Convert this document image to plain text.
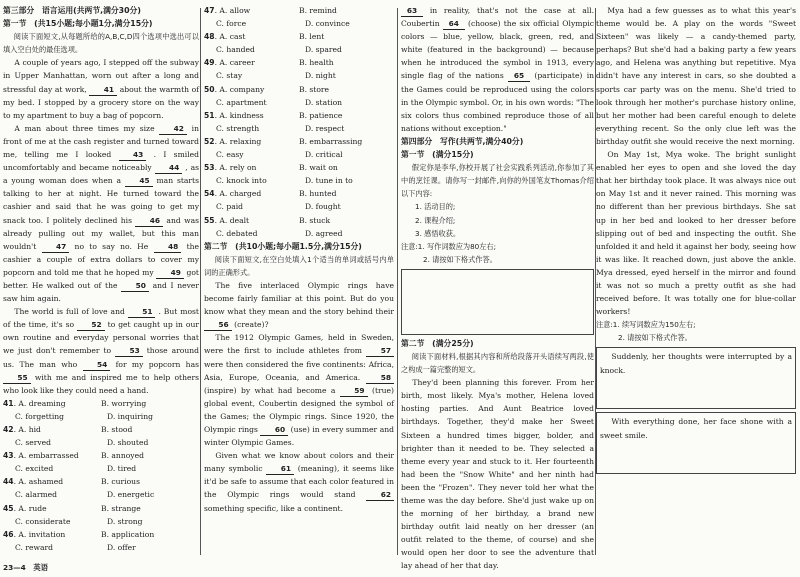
第三部分　语言运用(共两节,满分30分)
第一节　(共15小题;每小题1分,满分15分)

阅读下面短文,从每题所给的A,B,C,D四个选项中选出可以填入空白处的最佳选项。

A couple of years ago, I stepped off the subway in Upper Manhattan, worn out after a long and stressful day at work, 41 about the warmth of my bed. I stopped by a grocery store on the way to my apartment to buy a bag of popcorn.

A man about three times my size	42 in front of me at the cash register and turned toward me, telling me I looked	43 . I smiled uncomfortably and became noticeably 44 , as a young woman does when a 45 man starts talking to her at night. He turned toward the cashier and said that he was going to get my snack too. I politely declined his 46 and was already pulling out my wallet, but this man wouldn't	47 no to say no. He	48 the cashier a couple of extra dollars to cover my popcorn and told me that he hoped my 49 got better. He walked out of the 50 and I never saw him again.

The world is full of love and 51 . But most of the time, it's so 52 to get caught up in our own routine and everyday personal worries that we just don't remember to 53 those around us. The man who	54 for my popcorn has 55 with me and inspired me to help others who look like they could need a hand.

41. A. dreaming	B. worrying
C. forgetting	D. inquiring
42. A. hid	B. stood
C. served	D. shouted
43. A. embarrassed	B. annoyed
C. excited	D. tired
44. A. ashamed	B. curious
C. alarmed	D. energetic
45. A. rude	B. strange
C. considerate	D. strong
46. A. invitation	B. application
C. reward	D. offer
47. A. allow	B. remind
C. force	D. convince
48. A. cast	B. lent
C. handed	D. spared
49. A. career	B. health
C. stay	D. night
50. A. company	B. store
C. apartment	D. station
51. A. kindness	B. patience
C. strength	D. respect
52. A. relaxing	B. embarrassing
C. easy	D. critical
53. A. rely on	B. wait on
C. knock into	D. tune in to
54. A. charged	B. hunted
C. paid	D. fought
55. A. dealt	B. stuck
C. debated	D. agreed
第二节　(共10小题;每小题1.5分,满分15分)

阅读下面短文,在空白处填入1个适当的单词或括号内单词的正确形式。

The five interlaced Olympic rings have become fairly familiar at this point. But do you know what they mean and the story behind their 56 (create)?

The 1912 Olympic Games, held in Sweden, were the first to include athletes from	57 were then considered the five continents: Africa, Asia, Europe, Oceania, and America.	58 (inspire) by what had become a	59 (true) global event, Coubertin designed the symbol of the Games; the Olympic rings. Since 1920, the Olympic rings 60 (use) in every summer and winter Olympic Games.

Given what we know about colors and their many symbolic 61 (meaning), it seems like it'd be safe to assume that each color featured in the Olympic rings would stand	62 something specific, like a continent.

63 in reality, that's not the case at all. Coubertin 64 (choose) the six official Olympic colors — blue, yellow, black, green, red, and white (featured in the background) — because when he introduced the symbol in 1913, every single flag of the nations 65 (participate) in the Games could be reproduced using the colors in the Olympic symbol. Or, in his own words: "The six colors thus combined reproduce those of all nations without exception."

第四部分　写作(共两节,满分40分)
第一节　(满分15分)

假定你是李华,你校开展了社会实践系列活动,你参加了其中的烹饪课。请你写一封邮件,向你的外国笔友Thomas介绍以下内容:

1. 活动目的;
2. 课程介绍;
3. 感悟收获。
注意:1. 写作词数应为80左右;
2. 请按如下格式作答。
第二节　(满分25分)

阅读下面材料,根据其内容和所给段落开头语续写两段,使之构成一篇完整的短文。

They'd been planning this forever. From her birth, most likely. Mya's mother, Helena loved hosting parties. And Aunt Beatrice loved birthdays. Together, they'd make her Sweet Sixteen a hundred times bigger, bolder, and brighter than it needed to be. They selected a theme every year and stuck to it. Her fourteenth had been the "Snow White" and her ninth had been the "Frozen". They never told her what the theme was the day before. She'd just wake up on the morning of her birthday, a brand new birthday outfit laid neatly on her dresser (an outfit related to the theme, of course) and she would open her door to see the adventure that lay ahead of her that day.

Mya had a few guesses as to what this year's theme would be. A play on the words "Sweet Sixteen" was likely — a candy-themed party, perhaps? But she'd had a baking party a few years ago, and Helena was anything but repetitive. Mya didn't have any interest in cars, so she doubted a sports car party was on the menu. She'd tried to look through her mother's purchase history online, but her mother had been careful enough to delete everything recent. So the only clue left was the birthday outfit she would receive the next morning.

On May 1st, Mya woke. The bright sunlight enabled her eyes to open and she loved the day that her birthday took place. It was always nice out on May 1st and it never rained. This morning was no different than her previous birthdays. She sat up in her bed and looked to her dresser before slipping out of bed and inspecting the outfit. She unfolded it and held it against her body, seeing how it was like. It reached down, just above the ankle. Mya dressed, eyed herself in the mirror and found it was not so much a pretty outfit as she had received before. It was totally one for blue-collar workers!

注意:1. 续写词数应为150左右;
2. 请按如下格式作答。

Suddenly, her thoughts were interrupted by a knock.

With everything done, her face shone with a sweet smile.

23—4　英语
